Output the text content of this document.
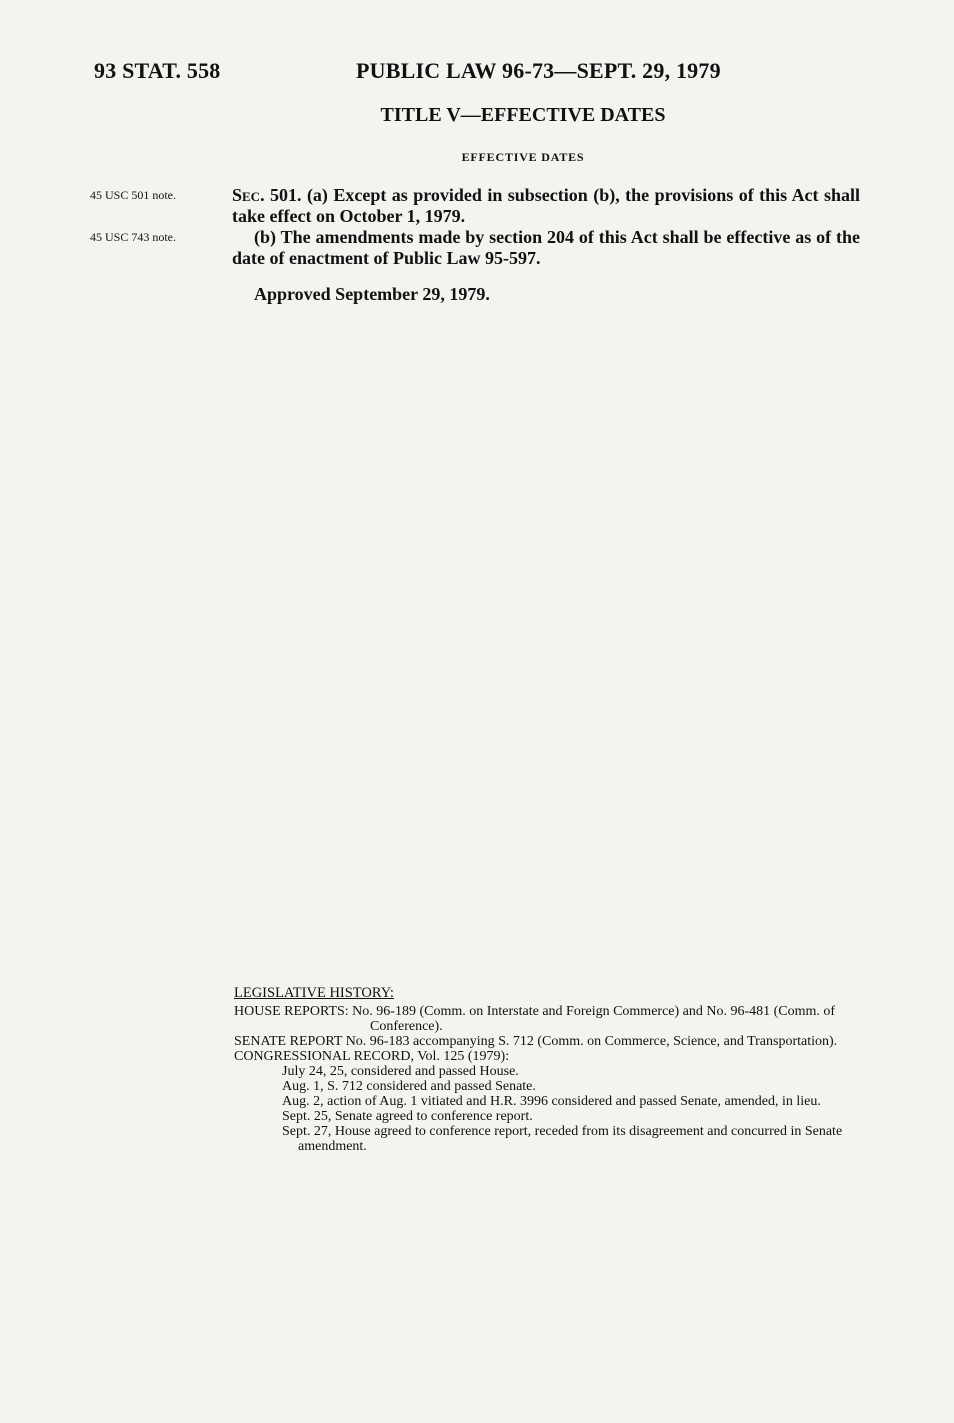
93 STAT. 558	PUBLIC LAW 96-73—SEPT. 29, 1979
TITLE V—EFFECTIVE DATES
EFFECTIVE DATES
45 USC 501 note.
45 USC 743 note.
Sec. 501. (a) Except as provided in subsection (b), the provisions of this Act shall take effect on October 1, 1979.
(b) The amendments made by section 204 of this Act shall be effective as of the date of enactment of Public Law 95-597.
Approved September 29, 1979.
LEGISLATIVE HISTORY:
HOUSE REPORTS: No. 96-189 (Comm. on Interstate and Foreign Commerce) and No. 96-481 (Comm. of Conference).
SENATE REPORT No. 96-183 accompanying S. 712 (Comm. on Commerce, Science, and Transportation).
CONGRESSIONAL RECORD, Vol. 125 (1979):
July 24, 25, considered and passed House.
Aug. 1, S. 712 considered and passed Senate.
Aug. 2, action of Aug. 1 vitiated and H.R. 3996 considered and passed Senate, amended, in lieu.
Sept. 25, Senate agreed to conference report.
Sept. 27, House agreed to conference report, receded from its disagreement and concurred in Senate amendment.
